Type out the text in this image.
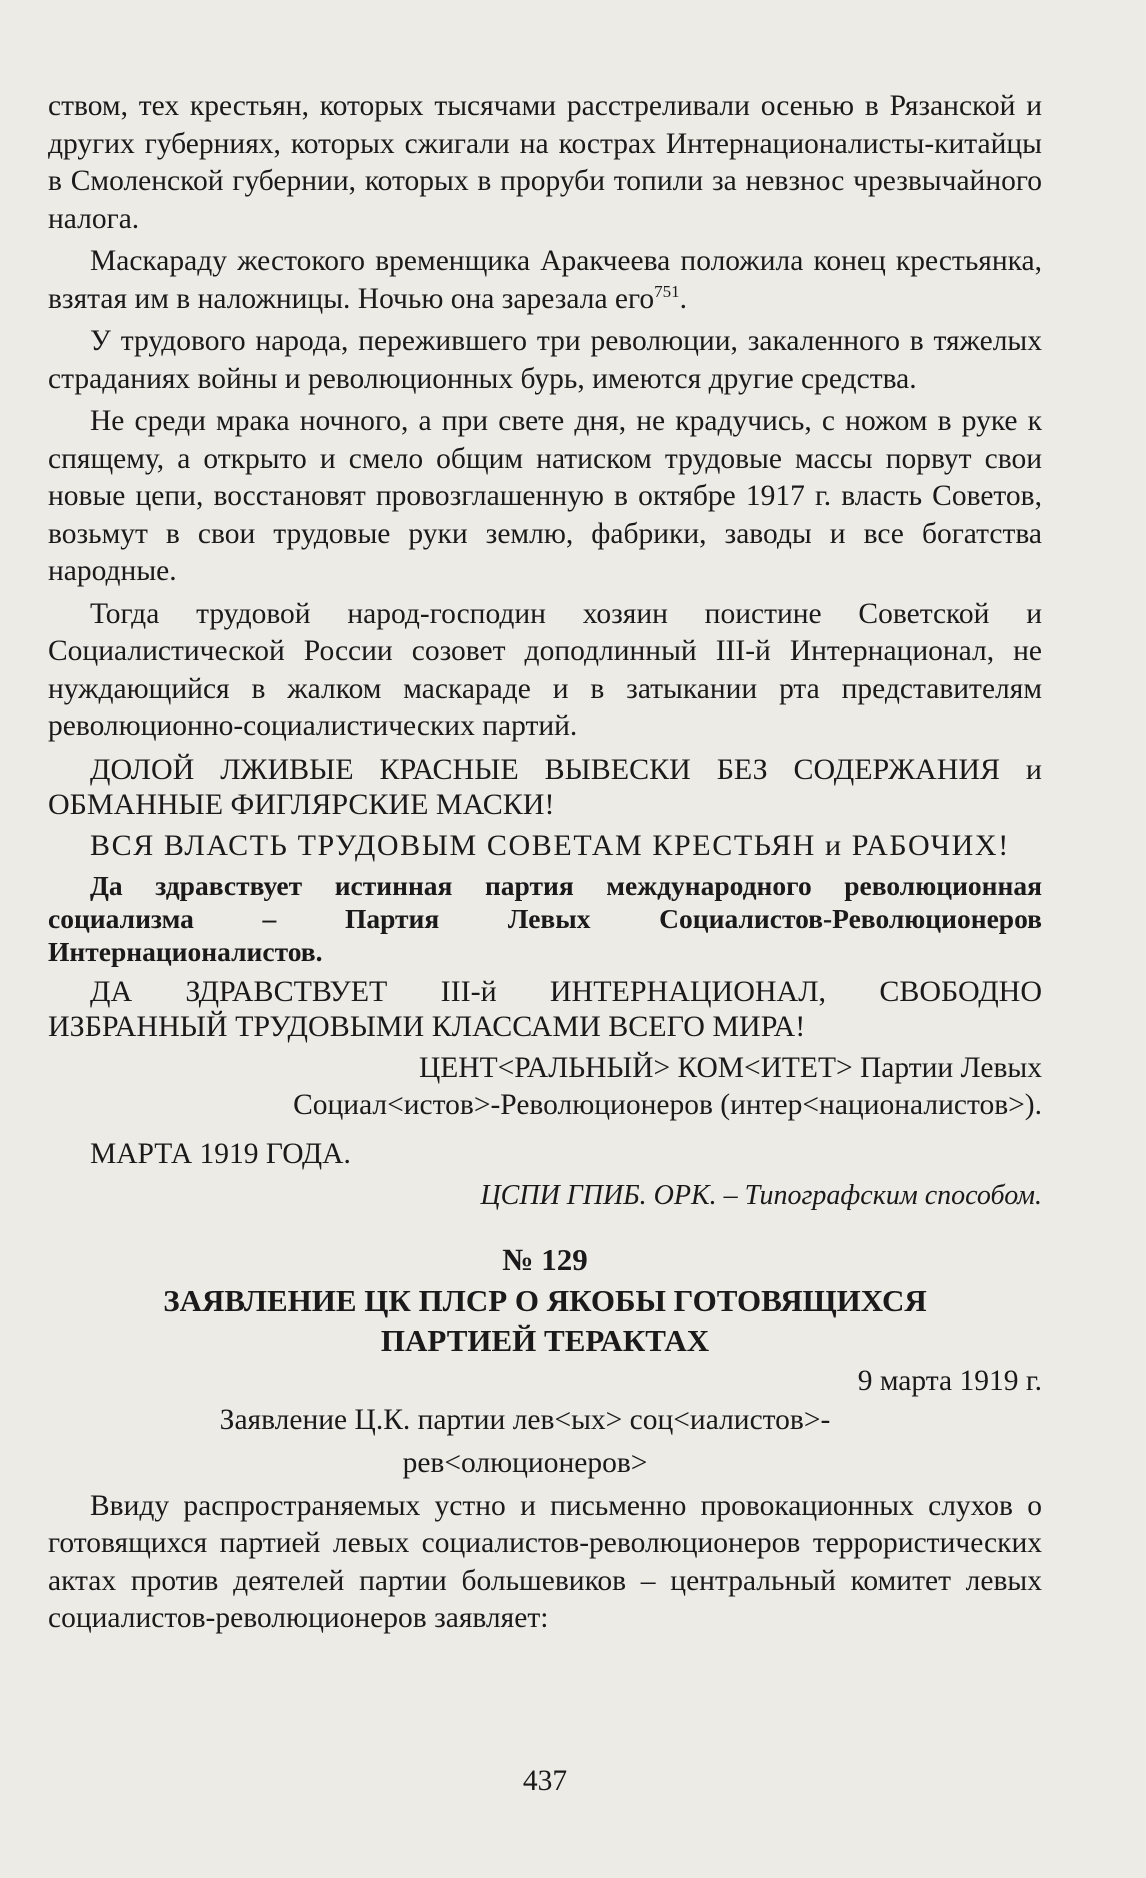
ством, тех крестьян, которых тысячами расстреливали осенью в Рязанской и других губерниях, которых сжигали на кострах Интернационалисты-китайцы в Смоленской губернии, которых в проруби топили за невзнос чрезвычайного налога.

Маскараду жестокого временщика Аракчеева положила конец крестьянка, взятая им в наложницы. Ночью она зарезала его$^{751}$.

У трудового народа, пережившего три революции, закаленного в тяжелых страданиях войны и революционных бурь, имеются другие средства.

Не среди мрака ночного, а при свете дня, не крадучись, с ножом в руке к спящему, а открыто и смело общим натиском трудовые массы порвут свои новые цепи, восстановят провозглашенную в октябре 1917 г. власть Советов, возьмут в свои трудовые руки землю, фабрики, заводы и все богатства народные.

Тогда трудовой народ-господин хозяин поистине Советской и Социалистической России созовет доподлинный III-й Интернационал, не нуждающийся в жалком маскараде и в затыкании рта представителям революционно-социалистических партий.

ДОЛОЙ ЛЖИВЫЕ КРАСНЫЕ ВЫВЕСКИ БЕЗ СОДЕРЖАНИЯ и ОБМАННЫЕ ФИГЛЯРСКИЕ МАСКИ!

ВСЯ ВЛАСТЬ ТРУДОВЫМ СОВЕТАМ КРЕСТЬЯН и РАБОЧИХ!

Да здравствует истинная партия международного революционная социализма – Партия Левых Социалистов-Революционеров Интернационалистов.

ДА ЗДРАВСТВУЕТ III-й ИНТЕРНАЦИОНАЛ, СВОБОДНО ИЗБРАННЫЙ ТРУДОВЫМИ КЛАССАМИ ВСЕГО МИРА!

ЦЕНТ<РАЛЬНЫЙ> КОМ<ИТЕТ> Партии Левых

Социал<истов>-Революционеров (интер<националистов>).

МАРТА 1919 ГОДА.

ЦСПИ ГПИБ. ОРК. – Типографским способом.

№ 129

ЗАЯВЛЕНИЕ ЦК ПЛСР О ЯКОБЫ ГОТОВЯЩИХСЯ

ПАРТИЕЙ ТЕРАКТАХ

9 марта 1919 г.

Заявление Ц.К. партии лев<ых> соц<иалистов>-

рев<олюционеров>

Ввиду распространяемых устно и письменно провокационных слухов о готовящихся партией левых социалистов-революционеров террористических актах против деятелей партии большевиков – центральный комитет левых социалистов-революционеров заявляет:

437
